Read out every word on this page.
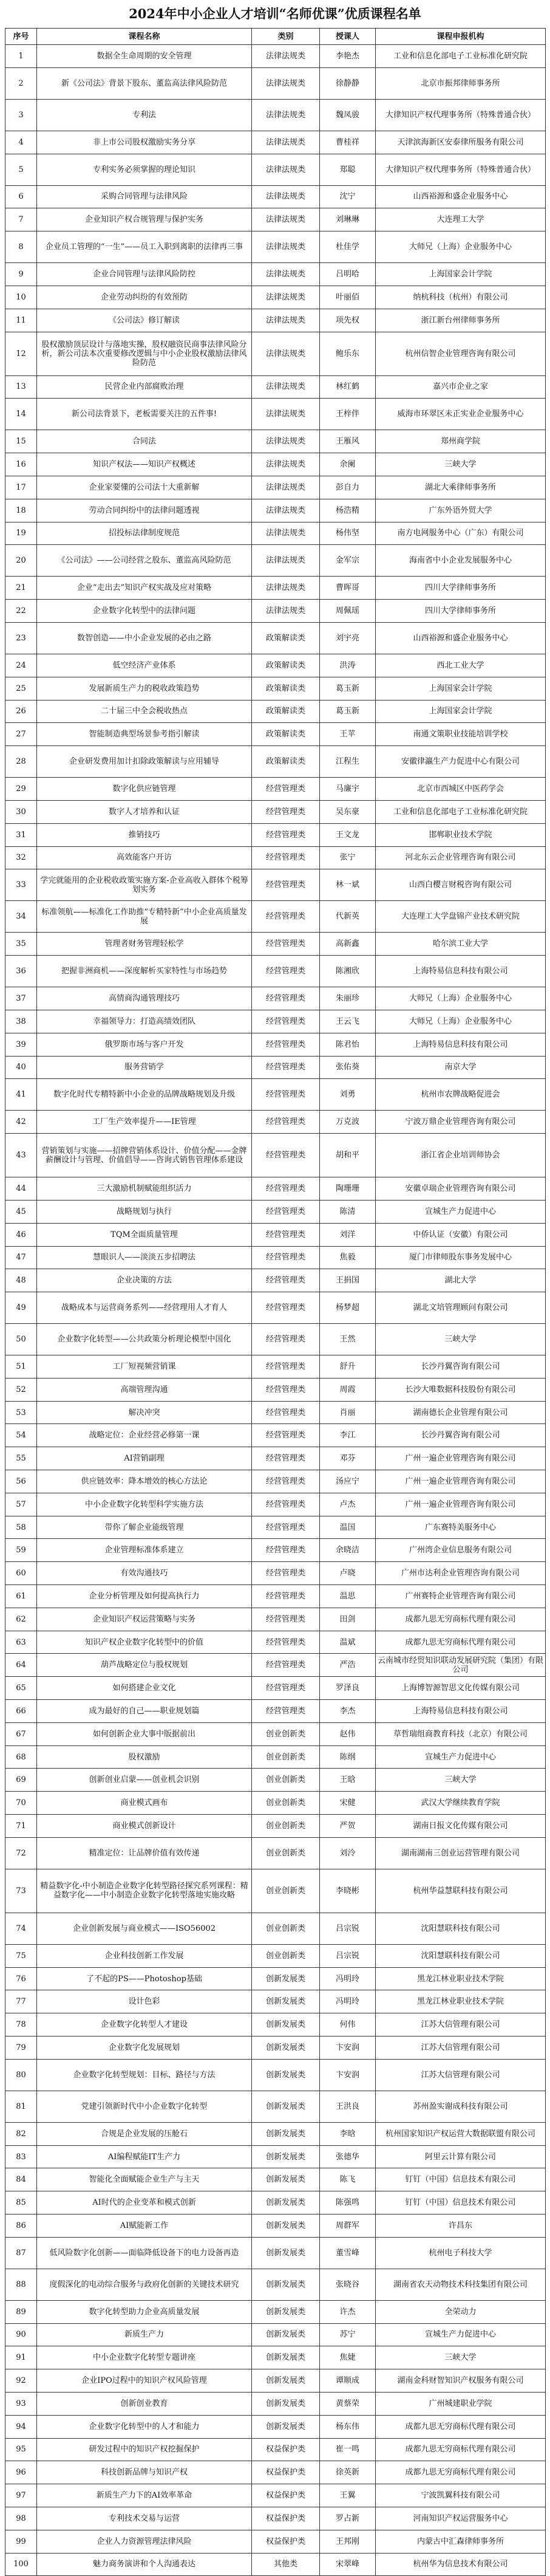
2024年中小企业人才培训“名师优课”优质课程名单
序号	课程名称	类别	授课人	课程申报机构
1	数据全生命周期的安全管理	法律法规类	李艳杰	工业和信息化部电子工业标准化研究院
2	新《公司法》背景下股东、董监高法律风险防范	法律法规类	徐静静	北京市振邦律师事务所
3	专利法	法律法规类	魏凤骏	大律知识产权代理事务所（特殊普通合伙）
4	非上市公司股权激励实务分享	法律法规类	曹桂祥	天津滨海新区安泰律所服务有限公司
5	专利实务必须掌握的理论知识	法律法规类	郑聪	大律知识产权代理事务所（特殊普通合伙）
6	采购合同管理与法律风险	法律法规类	沈宁	山西裕源和盛企业服务中心
7	企业知识产权合规管理与保护实务	法律法规类	刘琳琳	大连理工大学
8	企业员工管理的“一生”——员工入职到离职的法律再三事	法律法规类	杜佳学	大师兄（上海）企业服务中心
9	企业合同管理与法律风险防控	法律法规类	吕明哈	上海国家会计学院
10	企业劳动纠纷的有效预防	法律法规类	叶丽佰	纳杭科技（杭州）有限公司
11	《公司法》修订解读	法律法规类	项先权	浙江新台州律师事务所
12	股权激励顶层设计与落地实操，股权融资民商事法律风险分析，新公司法本次重要修改逻辑与中小企业股权激励法律风险防范	法律法规类	鲍乐东	杭州信智企业管理咨询有限公司
13	民营企业内部腐败治理	法律法规类	林红鹤	嘉兴市企业之家
14	新公司法背景下，老板需要关注的五件事!	法律法规类	王梓伴	威海市环翠区未正实业企业服务中心
15	合同法	法律法规类	王雁风	郑州商学院
16	知识产权法——知识产权概述	法律法规类	余阑	三峡大学
17	企业家要懂的公司法十大重新解	法律法规类	彭自力	湖北大乘律师事务所
18	劳动合同纠纷中的法律问题透视	法律法规类	杨浩精	广东外语外贸大学
19	招投标法律制度规范	法律法规类	杨伟坚	南方电网服务中心（广东）有限公司
20	《公司法》——公司经营之股东、董监高风险防范	法律法规类	金军宗	海南省中小企业发展服务中心
21	企业“走出去”知识产权实战及应对策略	法律法规类	曹晖哥	四川大学律师事务所
22	企业数字化转型中的法律问题	法律法规类	周佩瑶	四川大学律师事务所
23	数智创造——中小企业发展的必由之路	政策解读类	刘宇亮	山西裕源和盛企业服务中心
24	低空经济产业体系	政策解读类	洪涛	西北工业大学
25	发展新质生产力的税收政策趋势	政策解读类	葛玉新	上海国家会计学院
26	二十届三中全会税收热点	政策解读类	葛玉新	上海国家会计学院
27	智能制造典型场景参考指引解读	政策解读类	王苹	南通文策职业技能培训学校
28	企业研发费用加计扣除政策解读与应用辅导	政策解读类	江程生	安徽律瀛生产力促进中心有限公司
29	数字化供应链管理	经营管理类	马廉宇	北京市西城区中医药学会
30	数字人才培养和认证	经营管理类	吴东豪	工业和信息化部电子工业标准化研究院
31	推销技巧	经营管理类	王文龙	邯郸职业技术学院
32	高效能客户开访	经营管理类	张宁	河北东云企业管理咨询有限公司
33	学完就能用的企业税收政策实施方案-企业高收入群体个税筹划实务	经营管理类	林一斌	山西白樱言财税咨询有限公司
34	标准领航——标准化工作助推“专精特新”中小企业高质量发展	经营管理类	代新英	大连理工大学盘锦产业技术研究院
35	管理者财务管理轻松学	经营管理类	高新鑫	哈尔滨工业大学
36	把握非洲商机——深度解析买家特性与市场趋势	经营管理类	陈湘欣	上海特易信息科技有限公司
37	高情商沟通管理技巧	经营管理类	朱丽珍	大师兄（上海）企业服务中心
38	幸福领导力：打造高绩效团队	经营管理类	王云飞	大师兄（上海）企业服务中心
39	俄罗斯市场与客户开发	经营管理类	陈君怡	上海特易信息科技有限公司
40	服务营销学	经营管理类	张佑葵	南京大学
41	数字化时代专精特新中小企业的品牌战略规划及升级	经营管理类	刘勇	杭州市农牌战略促进会
42	工厂生产效率提升——IE管理	经营管理类	万克波	宁波万鼎企业管理咨询有限公司
43	营销策划与实施——招牌营销体系设计、价值分配——金牌薪酬设计与管理、价值倡导——咨询式销售管理体系建设	经营管理类	胡和平	浙江省企业培训师协会
44	三大激励机制赋能组织活力	经营管理类	陶珊珊	安徽卓瑞企业管理咨询有限公司
45	战略规划与执行	经营管理类	陈清	宣城生产力促进中心
46	TQM全面质量管理	经营管理类	刘洋	中侨认证（安徽）有限公司
47	慧眼识人——淡淡五步招聘法	经营管理类	焦毅	厦门市律师股东事务发展中心
48	企业决策的方法	经营管理类	王捐国	湖北大学
49	战略成本与运营商务系列——经营理用人才育人	经营管理类	杨梦超	湖北文培管理顾问有限公司
50	企业数字化转型——公共政策分析理论模型中国化	经营管理类	王然	三峡大学
51	工厂短视频营销课	经营管理类	舒升	长沙丹翼咨询有限公司
52	高端管理沟通	经营管理类	周霞	长沙大唯数据科技股份有限公司
53	解决冲突	经营管理类	肖丽	湖南德长企业管理有限公司
54	战略定位：企业经营必修第一课	经营管理类	李江	长沙丹翼咨询有限公司
55	AI营销副理	经营管理类	邓芬	广州一遍企业管理咨询有限公司
56	供应链效率：降本增效的核心方法论	经营管理类	汤应宁	广州一遍企业管理咨询有限公司
57	中小企业数字化转型科学实施方法	经营管理类	卢杰	广州一遍企业管理咨询有限公司
58	带你了解企业能级管理	经营管理类	温国	广东赛特美服务中心
59	企业管理标准体系建立	经营管理类	余晓洁	广州湾企业信息服务有限公司
60	有效沟通技巧	经营管理类	卢晓	广州市达利企业管理咨询有限公司
61	企业分析管理及如何提高执行力	经营管理类	温思	广州赛特企业管理咨询有限公司
62	企业知识产权运营策略与实务	经营管理类	田剑	成都九思无穷商标代理有限公司
63	知识产权企业数字化转型中的价值	经营管理类	温斌	成都九思无穷商标代理有限公司
64	葫芦战略定位与股权规划	经营管理类	严浩	云南城市经贸知识联动发展研究院（集团）有限公司
65	如何搭建企业文化	经营管理类	罗泽良	上海博智源智思文化传媒有限公司
66	成为最好的自己——职业规划篇	经营管理类	李杰	上海特易信息科技有限公司
67	如何创新企业大事中版据前出	创业创新类	赵伟	草哲瑞组商教育科技（北京）有限公司
68	股权激励	创业创新类	陈纲	宣城生产力促进中心
69	创新创业启蒙——创业机会识别	创业创新类	王晗	三峡大学
70	商业模式画布	创业创新类	宋健	武汉大学继续教育学院
71	商业模式创新设计	创业创新类	严贺	湖南日报文化传媒有限公司
72	精准定位：让品牌价值有效传递	创业创新类	刘泠	湖南湖南三创业运营管理有限公司
73	精益数字化-中小制造企业数字化转型路径探究系列课程：精益数字化——中小制造企业数字化转型落地实施攻略	创业创新类	李晓彬	杭州华益慧联科技有限公司
74	企业创新发展与商业模式——ISO56002	创业创新类	吕宗锐	沈阳慧联科技有限公司
75	企业科技创新工作发展	创业创新类	吕宗锐	沈阳慧联科技有限公司
76	了不起的PS——Photoshop基础	创新发展类	冯明玲	黑龙江林业职业技术学院
77	设计色彩	创新发展类	冯明玲	黑龙江林业职业技术学院
78	企业数字化转型人才建设	创新发展类	何伟	江苏大信管理有限公司
79	企业数字化发展规划	创新发展类	卞安润	江苏大信管理有限公司
80	企业数字化转型规划：目标、路径与方法	创新发展类	卞安润	江苏大信管理有限公司
81	党建引领新时代中小企业数字化转型	创新发展类	王洪良	苏州盈实谢成科技有限公司
82	合规是企业发展的压舱石	创新发展类	李晗	杭州国家知识产权运营大数据联盟有限公司
83	AI编程赋能IT生产力	创新发展类	张德华	阿里云计算有限公司
84	智能化全面赋能企业生产与主天	创新发展类	陈飞	钉钉（中国）信息技术有限公司
85	AI时代的企业变革和模式创新	创新发展类	陈强鸣	钉钉（中国）信息技术有限公司
86	AI赋能新工作	创新发展类	周群军	许昌东
87	低风险数字化创新——面临降低设备下的电力设备再造	创新发展类	董雪峰	杭州电子科技大学
88	度假深化的电动综合服务与政府化创新的关键技术研究	创新发展类	张晓谷	湖南省农天动物技术科技集团有限公司
89	数字化转型助力企业高质量发展	创新发展类	许杰	全荣动力
90	新质生产力	创新发展类	苏宁	宣城生产力促进中心
91	中小企业数字化转型专题讲座	创新发展类	焦婕	三峡大学
92	企业IPO过程中的知识产权风险管理	创新发展类	谭顺成	湖南金科财智知识产权服务有限公司
93	创新创业教育	创新发展类	黄蔡荣	广州城建职业学院
94	企业数字化转型中的人才和能力	创新发展类	杨东伟	成都九思无穷商标代理有限公司
95	研发过程中的知识产权挖掘保护	权益保护类	崔一鸣	成都九思无穷商标代理有限公司
96	科技创新品牌与知识产权	权益保护类	徐英新	成都九思无穷商标代理有限公司
97	新质生产力下的AI效率革命	权益保护类	王翼	宁波凯翼科技有限公司
98	专利技术交易与运营	权益保护类	罗占新	河南知识产权运营服务中心
99	企业人力资源管理法律风险	权益保护类	王邦刚	内蒙古中汇森律师事务所
100	魅力商务演讲和个人沟通表达	其他类	宋翠峰	杭州华为信息技术有限公司
